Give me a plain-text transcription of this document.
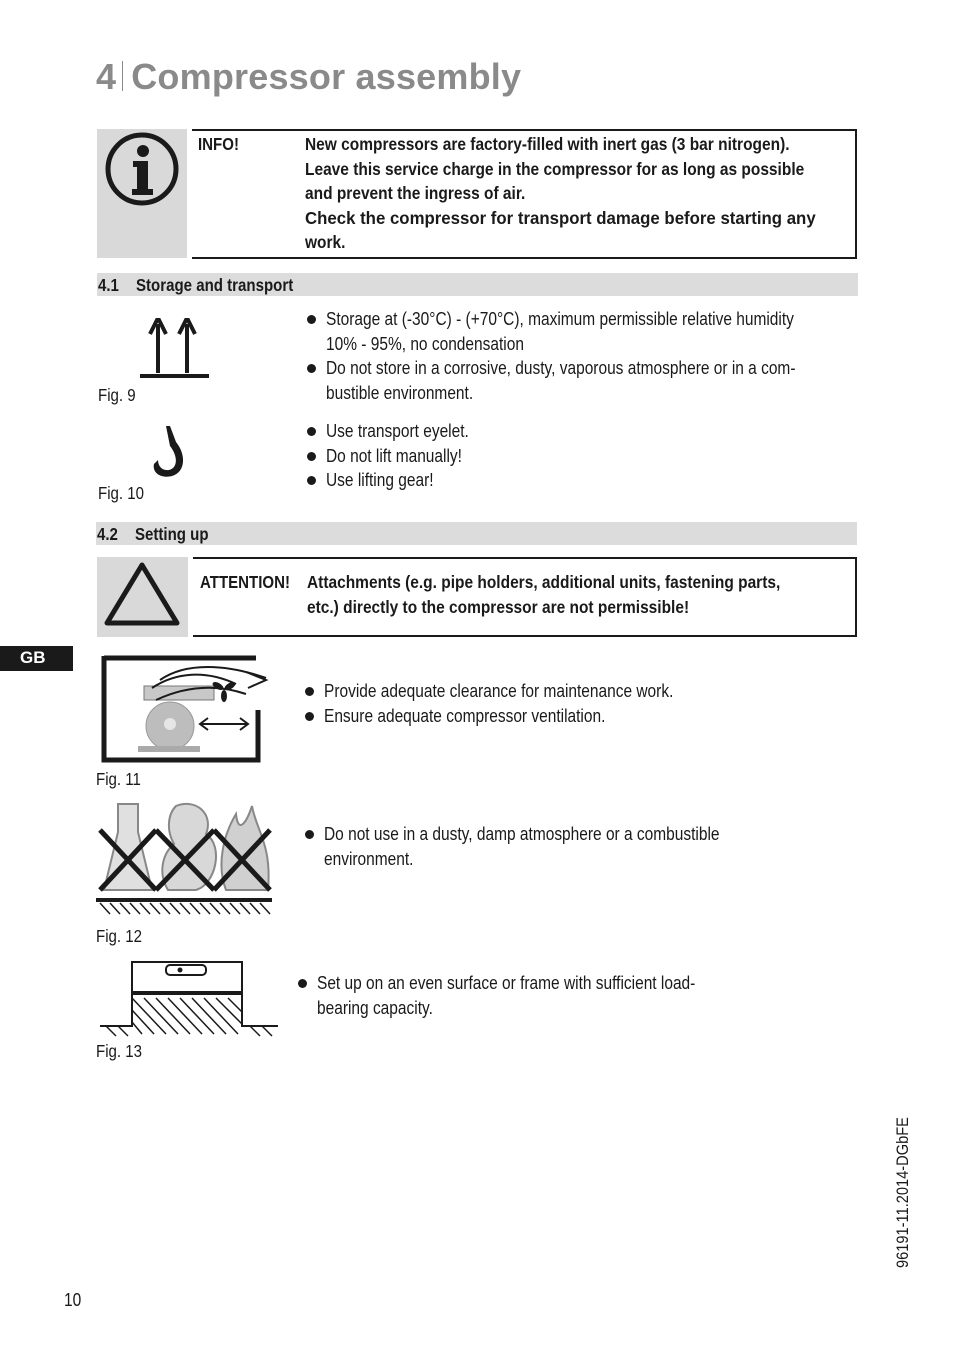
4 Compressor assembly
INFO!	New compressors are factory-filled with inert gas (3 bar nitrogen).
Leave this service charge in the compressor for as long as possible
and prevent the ingress of air.
Check the compressor for transport damage before starting any
work.
4.1 Storage and transport
Fig. 9
Storage at (-30°C) - (+70°C), maximum permissible relative humidity
10% - 95%, no condensation
Do not store in a corrosive, dusty, vaporous atmosphere or in a com-
bustible environment.
Fig. 10
Use transport eyelet.
Do not lift manually!
Use lifting gear!
4.2 Setting up
ATTENTION! Attachments (e.g. pipe holders, additional units, fastening parts,
etc.) directly to the compressor are not permissible!
GB
Fig. 11
Provide adequate clearance for maintenance work.
Ensure adequate compressor ventilation.
Fig. 12
Do not use in a dusty, damp atmosphere or a combustible
environment.
Fig. 13
Set up on an even surface or frame with sufficient load-
bearing capacity.
96191-11.2014-DGbFE
10
